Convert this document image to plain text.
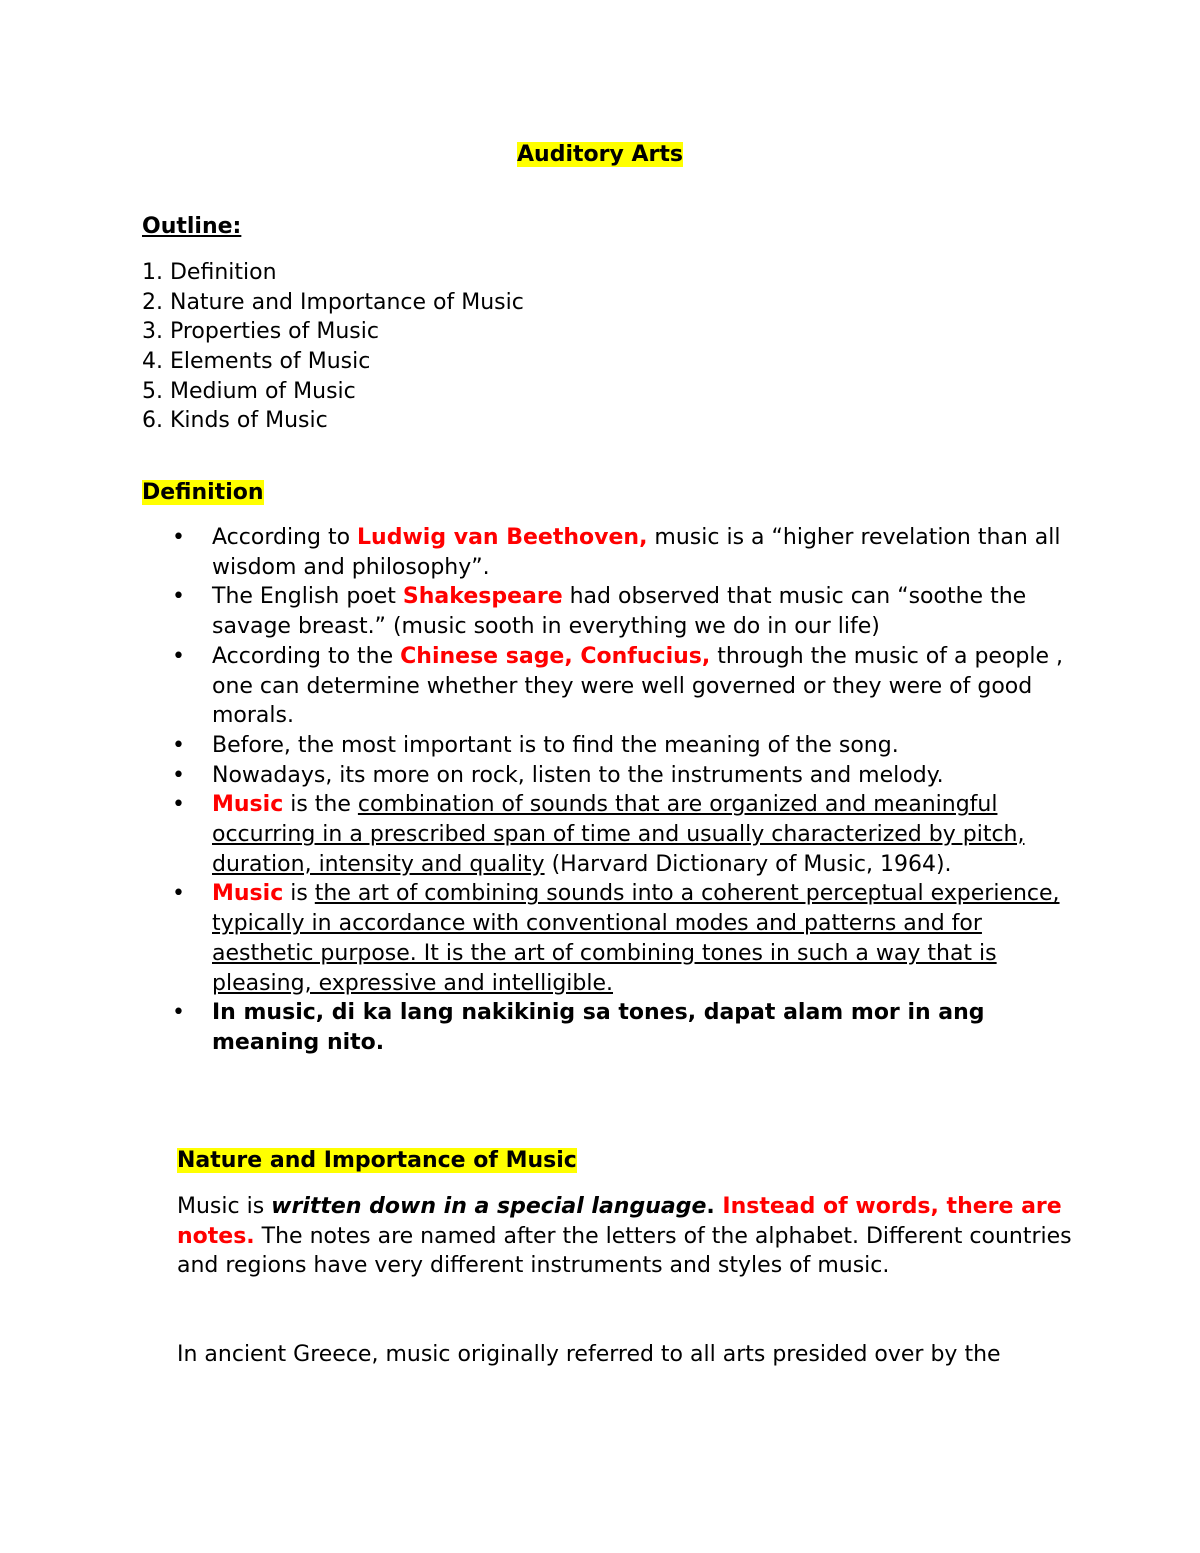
Auditory Arts
Outline:
1. Definition
2. Nature and Importance of Music
3. Properties of Music
4. Elements of Music
5. Medium of Music
6. Kinds of Music
Definition
•	According to Ludwig van Beethoven, music is a “higher revelation than all wisdom and philosophy”.
•	The English poet Shakespeare had observed that music can “soothe the savage breast.” (music sooth in everything we do in our life)
•	According to the Chinese sage, Confucius, through the music of a people , one can determine whether they were well governed or they were of good morals.
•	Before, the most important is to find the meaning of the song.
•	Nowadays, its more on rock, listen to the instruments and melody.
•	Music is the combination of sounds that are organized and meaningful occurring in a prescribed span of time and usually characterized by pitch, duration, intensity and quality (Harvard Dictionary of Music, 1964).
•	Music is the art of combining sounds into a coherent perceptual experience, typically in accordance with conventional modes and patterns and for aesthetic purpose. It is the art of combining tones in such a way that is pleasing, expressive and intelligible.
•	In music, di ka lang nakikinig sa tones, dapat alam mor in ang meaning nito.
Nature and Importance of Music

Music is written down in a special language. Instead of words, there are notes. The notes are named after the letters of the alphabet. Different countries and regions have very different instruments and styles of music.

In ancient Greece, music originally referred to all arts presided over by the
